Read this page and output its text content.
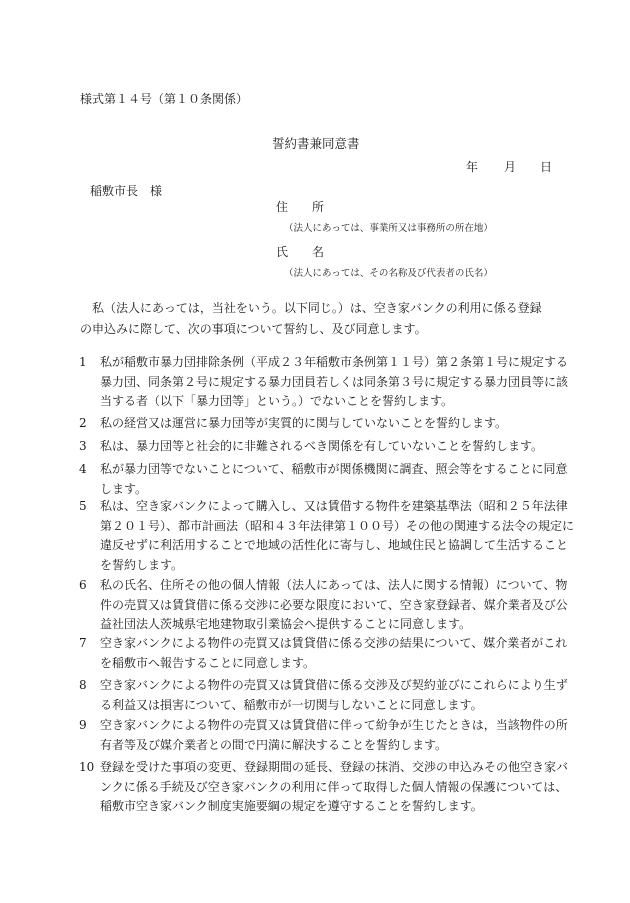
様式第１４号（第１０条関係）
誓約書兼同意書
年 月 日
稲敷市長　様
住　　所
（法人にあっては、事業所又は事務所の所在地）
氏　　名
（法人にあっては、その名称及び代表者の氏名）
私（法人にあっては，当社をいう。以下同じ。）は、空き家バンクの利用に係る登録
の申込みに際して、次の事項について誓約し、及び同意します。
1 私が稲敷市暴力団排除条例（平成２３年稲敷市条例第１１号）第２条第１号に規定する暴力団、同条第２号に規定する暴力団員若しくは同条第３号に規定する暴力団員等に該当する者（以下「暴力団等」という。）でないことを誓約します。
2 私の経営又は運営に暴力団等が実質的に関与していないことを誓約します。
3 私は、暴力団等と社会的に非難されるべき関係を有していないことを誓約します。
4 私が暴力団等でないことについて、稲敷市が関係機関に調査、照会等をすることに同意します。
5 私は、空き家バンクによって購入し、又は賃借する物件を建築基準法（昭和２５年法律第２０１号）、都市計画法（昭和４３年法律第１００号）その他の関連する法令の規定に違反せずに利活用することで地域の活性化に寄与し、地域住民と協調して生活することを誓約します。
6 私の氏名、住所その他の個人情報（法人にあっては、法人に関する情報）について、物件の売買又は賃貸借に係る交渉に必要な限度において、空き家登録者、媒介業者及び公益社団法人茨城県宅地建物取引業協会へ提供することに同意します。
7 空き家バンクによる物件の売買又は賃貸借に係る交渉の結果について、媒介業者がこれを稲敷市へ報告することに同意します。
8 空き家バンクによる物件の売買又は賃貸借に係る交渉及び契約並びにこれらにより生ずる利益又は損害について、稲敷市が一切関与しないことに同意します。
9 空き家バンクによる物件の売買又は賃貸借に伴って紛争が生じたときは，当該物件の所有者等及び媒介業者との間で円満に解決することを誓約します。
10 登録を受けた事項の変更、登録期間の延長、登録の抹消、交渉の申込みその他空き家バンクに係る手続及び空き家バンクの利用に伴って取得した個人情報の保護については、稲敷市空き家バンク制度実施要綱の規定を遵守することを誓約します。
